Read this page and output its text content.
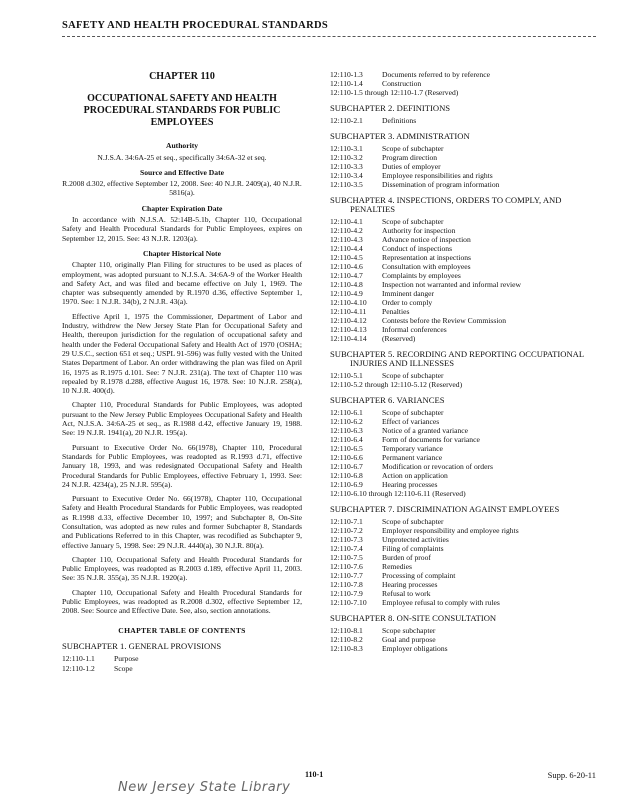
SAFETY AND HEALTH PROCEDURAL STANDARDS
CHAPTER 110
OCCUPATIONAL SAFETY AND HEALTH PROCEDURAL STANDARDS FOR PUBLIC EMPLOYEES
Authority
N.J.S.A. 34:6A-25 et seq., specifically 34:6A-32 et seq.
Source and Effective Date
R.2008 d.302, effective September 12, 2008. See: 40 N.J.R. 2409(a), 40 N.J.R. 5816(a).
Chapter Expiration Date
In accordance with N.J.S.A. 52:14B-5.1b, Chapter 110, Occupational Safety and Health Procedural Standards for Public Employees, expires on September 12, 2015. See: 43 N.J.R. 1203(a).
Chapter Historical Note
Chapter 110, originally Plan Filing for structures to be used as places of employment, was adopted pursuant to N.J.S.A. 34:6A-9 of the Worker Health and Safety Act, and was filed and became effective on July 1, 1969. The chapter was subsequently amended by R.1970 d.36, effective September 1, 1970. See: 1 N.J.R. 34(b), 2 N.J.R. 43(a).
Effective April 1, 1975 the Commissioner, Department of Labor and Industry, withdrew the New Jersey State Plan for Occupational Safety and Health, thereupon jurisdiction for the regulation of occupational safety and health under the Federal Occupational Safety and Health Act of 1970 (OSHA; 29 U.S.C., section 651 et seq.; USPL 91-596) was fully vested with the United States Department of Labor. An order withdrawing the plan was filed on April 16, 1975 as R.1975 d.101. See: 7 N.J.R. 231(a). The text of Chapter 110 was repealed by R.1978 d.288, effective August 16, 1978. See: 10 N.J.R. 258(a), 10 N.J.R. 400(d).
Chapter 110, Procedural Standards for Public Employees, was adopted pursuant to the New Jersey Public Employees Occupational Safety and Health Act, N.J.S.A. 34:6A-25 et seq., as R.1988 d.42, effective January 19, 1988. See: 19 N.J.R. 1941(a), 20 N.J.R. 195(a).
Pursuant to Executive Order No. 66(1978), Chapter 110, Procedural Standards for Public Employees, was readopted as R.1993 d.71, effective January 18, 1993, and was redesignated Occupational Safety and Health Procedural Standards for Public Employees, effective February 1, 1993. See: 24 N.J.R. 4234(a), 25 N.J.R. 595(a).
Pursuant to Executive Order No. 66(1978), Chapter 110, Occupational Safety and Health Procedural Standards for Public Employees, was readopted as R.1998 d.33, effective December 10, 1997; and Subchapter 8, On-Site Consultation, was adopted as new rules and former Subchapter 8, Standards and Publications Referred to in this Chapter, was recodified as Subchapter 9, effective January 5, 1998. See: 29 N.J.R. 4440(a), 30 N.J.R. 80(a).
Chapter 110, Occupational Safety and Health Procedural Standards for Public Employees, was readopted as R.2003 d.189, effective April 11, 2003. See: 35 N.J.R. 355(a), 35 N.J.R. 1920(a).
Chapter 110, Occupational Safety and Health Procedural Standards for Public Employees, was readopted as R.2008 d.302, effective September 12, 2008. See: Source and Effective Date. See, also, section annotations.
CHAPTER TABLE OF CONTENTS
SUBCHAPTER 1. GENERAL PROVISIONS
12:110-1.1	Purpose
12:110-1.2	Scope
12:110-1.3	Documents referred to by reference
12:110-1.4	Construction
12:110-1.5 through 12:110-1.7 (Reserved)
SUBCHAPTER 2. DEFINITIONS
12:110-2.1	Definitions
SUBCHAPTER 3. ADMINISTRATION
12:110-3.1	Scope of subchapter
12:110-3.2	Program direction
12:110-3.3	Duties of employer
12:110-3.4	Employee responsibilities and rights
12:110-3.5	Dissemination of program information
SUBCHAPTER 4. INSPECTIONS, ORDERS TO COMPLY, AND PENALTIES
12:110-4.1	Scope of subchapter
12:110-4.2	Authority for inspection
12:110-4.3	Advance notice of inspection
12:110-4.4	Conduct of inspections
12:110-4.5	Representation at inspections
12:110-4.6	Consultation with employees
12:110-4.7	Complaints by employees
12:110-4.8	Inspection not warranted and informal review
12:110-4.9	Imminent danger
12:110-4.10	Order to comply
12:110-4.11	Penalties
12:110-4.12	Contests before the Review Commission
12:110-4.13	Informal conferences
12:110-4.14	(Reserved)
SUBCHAPTER 5. RECORDING AND REPORTING OCCUPATIONAL INJURIES AND ILLNESSES
12:110-5.1	Scope of subchapter
12:110-5.2 through 12:110-5.12 (Reserved)
SUBCHAPTER 6. VARIANCES
12:110-6.1	Scope of subchapter
12:110-6.2	Effect of variances
12:110-6.3	Notice of a granted variance
12:110-6.4	Form of documents for variance
12:110-6.5	Temporary variance
12:110-6.6	Permanent variance
12:110-6.7	Modification or revocation of orders
12:110-6.8	Action on application
12:110-6.9	Hearing processes
12:110-6.10 through 12:110-6.11 (Reserved)
SUBCHAPTER 7. DISCRIMINATION AGAINST EMPLOYEES
12:110-7.1	Scope of subchapter
12:110-7.2	Employer responsibility and employee rights
12:110-7.3	Unprotected activities
12:110-7.4	Filing of complaints
12:110-7.5	Burden of proof
12:110-7.6	Remedies
12:110-7.7	Processing of complaint
12:110-7.8	Hearing processes
12:110-7.9	Refusal to work
12:110-7.10	Employee refusal to comply with rules
SUBCHAPTER 8. ON-SITE CONSULTATION
12:110-8.1	Scope subchapter
12:110-8.2	Goal and purpose
12:110-8.3	Employer obligations
110-1	Supp. 6-20-11
New Jersey State Library
